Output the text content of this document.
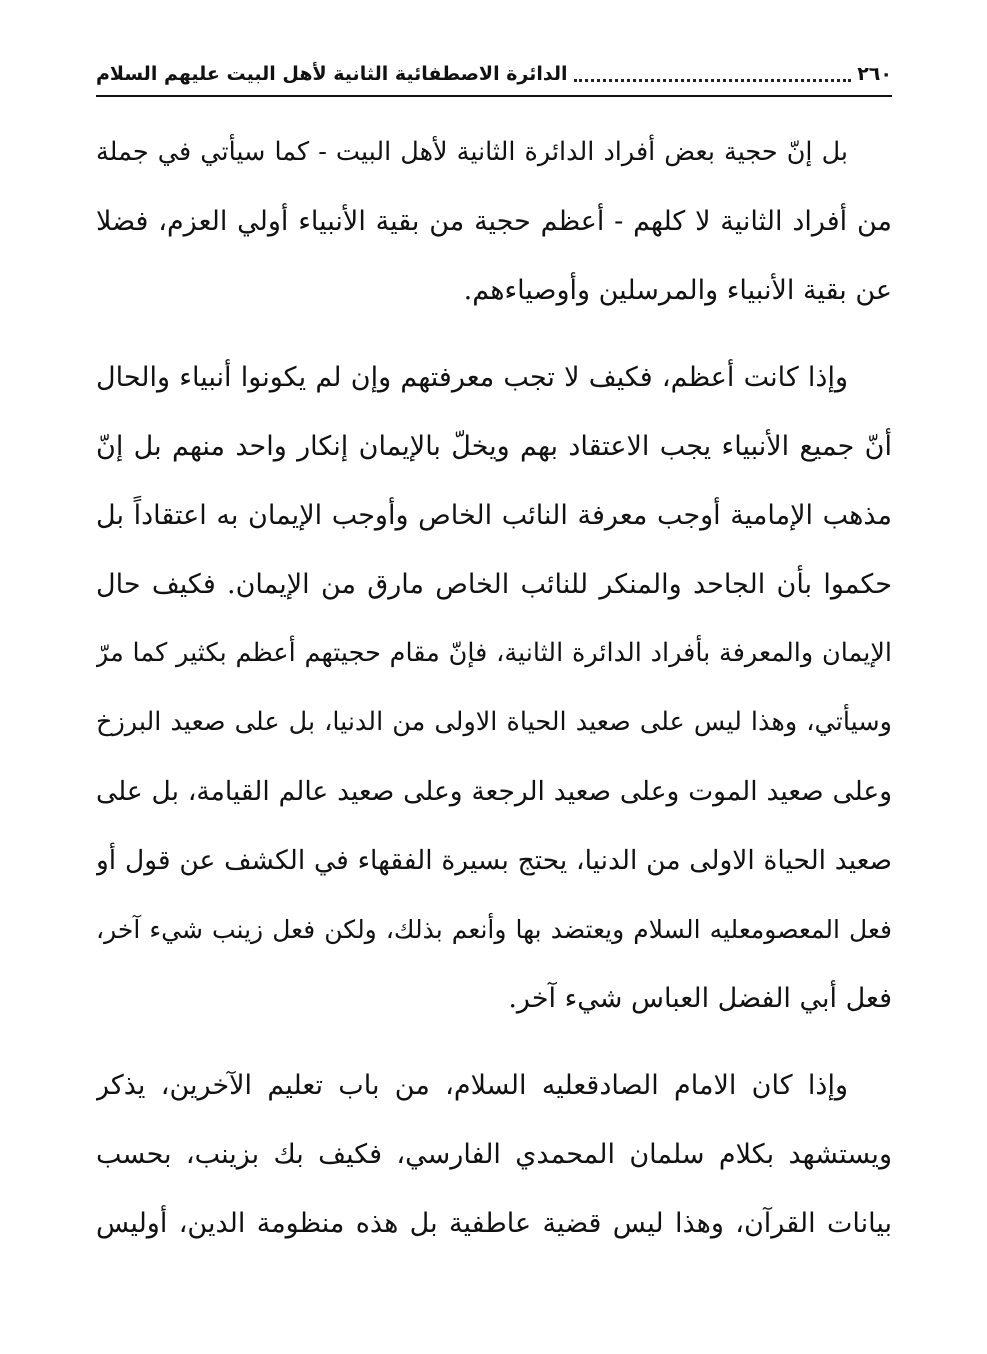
٢٦٠
الدائرة الاصطفائية الثانية لأهل البيت عليهم السلام
بل إنّ حجية بعض أفراد الدائرة الثانية لأهل البيت - كما سيأتي في جملة
من أفراد الثانية لا كلهم - أعظم حجية من بقية الأنبياء أولي العزم، فضلا
عن بقية الأنبياء والمرسلين وأوصياءهم.
وإذا كانت أعظم، فكيف لا تجب معرفتهم وإن لم يكونوا أنبياء والحال
أنّ جميع الأنبياء يجب الاعتقاد بهم ويخلّ بالإيمان إنكار واحد منهم بل إنّ
مذهب الإمامية أوجب معرفة النائب الخاص وأوجب الإيمان به اعتقاداً بل
حكموا بأن الجاحد والمنكر للنائب الخاص مارق من الإيمان. فكيف حال
الإيمان والمعرفة بأفراد الدائرة الثانية، فإنّ مقام حجيتهم أعظم بكثير كما مرّ
وسيأتي، وهذا ليس على صعيد الحياة الاولى من الدنيا، بل على صعيد البرزخ
وعلى صعيد الموت وعلى صعيد الرجعة وعلى صعيد عالم القيامة، بل على
صعيد الحياة الاولى من الدنيا، يحتج بسيرة الفقهاء في الكشف عن قول أو
فعل المعصومعليه السلام ويعتضد بها وأنعم بذلك، ولكن فعل زينب شيء آخر،
فعل أبي الفضل العباس شيء آخر.
وإذا كان الامام الصادقعليه السلام، من باب تعليم الآخرين، يذكر
ويستشهد بكلام سلمان المحمدي الفارسي، فكيف بك بزينب، بحسب
بيانات القرآن، وهذا ليس قضية عاطفية بل هذه منظومة الدين، أوليس
